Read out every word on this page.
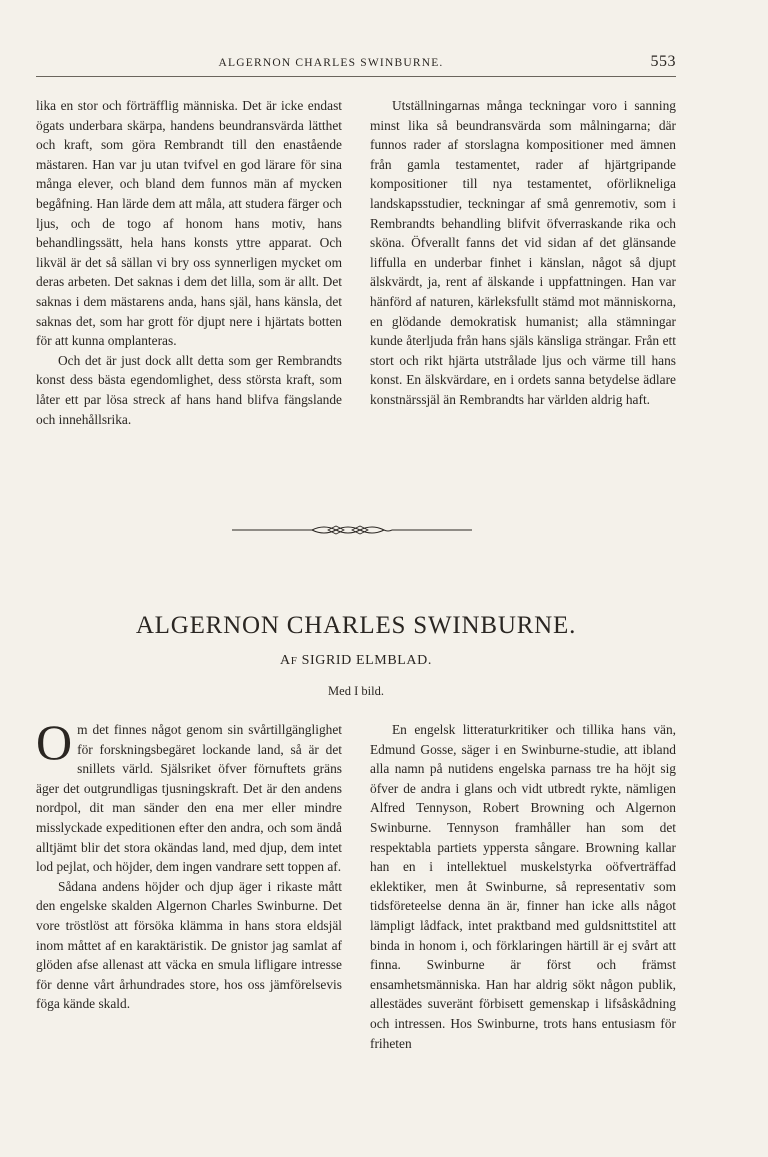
ALGERNON CHARLES SWINBURNE.	553

lika en stor och förträfflig människa. Det är icke endast ögats underbara skärpa, handens beundransvärda lätthet och kraft, som göra Rembrandt till den enastående mästaren. Han var ju utan tvifvel en god lärare för sina många elever, och bland dem funnos män af mycken begåfning. Han lärde dem att måla, att studera färger och ljus, och de togo af honom hans motiv, hans behandlingssätt, hela hans konsts yttre apparat. Och likväl är det så sällan vi bry oss synnerligen mycket om deras arbeten. Det saknas i dem det lilla, som är allt. Det saknas i dem mästarens anda, hans själ, hans känsla, det saknas det, som har grott för djupt nere i hjärtats botten för att kunna omplanteras.

Och det är just dock allt detta som ger Rembrandts konst dess bästa egendomlighet, dess största kraft, som låter ett par lösa streck af hans hand blifva fängslande och innehållsrika.

Utställningarnas många teckningar voro i sanning minst lika så beundransvärda som målningarna; där funnos rader af storslagna kompositioner med ämnen från gamla testamentet, rader af hjärtgripande kompositioner till nya testamentet, oförlikneliga landskapsstudier, teckningar af små genremotiv, som i Rembrandts behandling blifvit öfverraskande rika och sköna. Öfverallt fanns det vid sidan af det glänsande liffulla en underbar finhet i känslan, något så djupt älskvärdt, ja, rent af älskande i uppfattningen. Han var hänförd af naturen, kärleksfullt stämd mot människorna, en glödande demokratisk humanist; alla stämningar kunde återljuda från hans själs känsliga strängar. Från ett stort och rikt hjärta utstrålade ljus och värme till hans konst. En älskvärdare, en i ordets sanna betydelse ädlare konstnärssjäl än Rembrandts har världen aldrig haft.

ALGERNON CHARLES SWINBURNE.
AF SIGRID ELMBLAD.
Med I bild.

Om det finnes något genom sin svårtillgänglighet för forskningsbegäret lockande land, så är det snillets värld. Själsriket öfver förnuftets gräns äger det outgrundligas tjusningskraft. Det är den andens nordpol, dit man sänder den ena mer eller mindre misslyckade expeditionen efter den andra, och som ändå alltjämt blir det stora okändas land, med djup, dem intet lod pejlat, och höjder, dem ingen vandrare sett toppen af.

Sådana andens höjder och djup äger i rikaste mått den engelske skalden Algernon Charles Swinburne. Det vore tröstlöst att försöka klämma in hans stora eldsjäl inom måttet af en karaktäristik. De gnistor jag samlat af glöden afse allenast att väcka en smula lifligare intresse för denne vårt århundrades store, hos oss jämförelsevis föga kände skald.

En engelsk litteraturkritiker och tillika hans vän, Edmund Gosse, säger i en Swinburne-studie, att ibland alla namn på nutidens engelska parnass tre ha höjt sig öfver de andra i glans och vidt utbredt rykte, nämligen Alfred Tennyson, Robert Browning och Algernon Swinburne. Tennyson framhåller han som det respektabla partiets yppersta sångare. Browning kallar han en i intellektuel muskelstyrka oöfverträffad eklektiker, men åt Swinburne, så representativ som tidsföreteelse denna än är, finner han icke alls något lämpligt lådfack, intet praktband med guldsnittstitel att binda in honom i, och förklaringen härtill är ej svårt att finna. Swinburne är först och främst ensamhetsmänniska. Han har aldrig sökt någon publik, allestädes suveränt förbisett gemenskap i lifsåskådning och intressen. Hos Swinburne, trots hans entusiasm för friheten
